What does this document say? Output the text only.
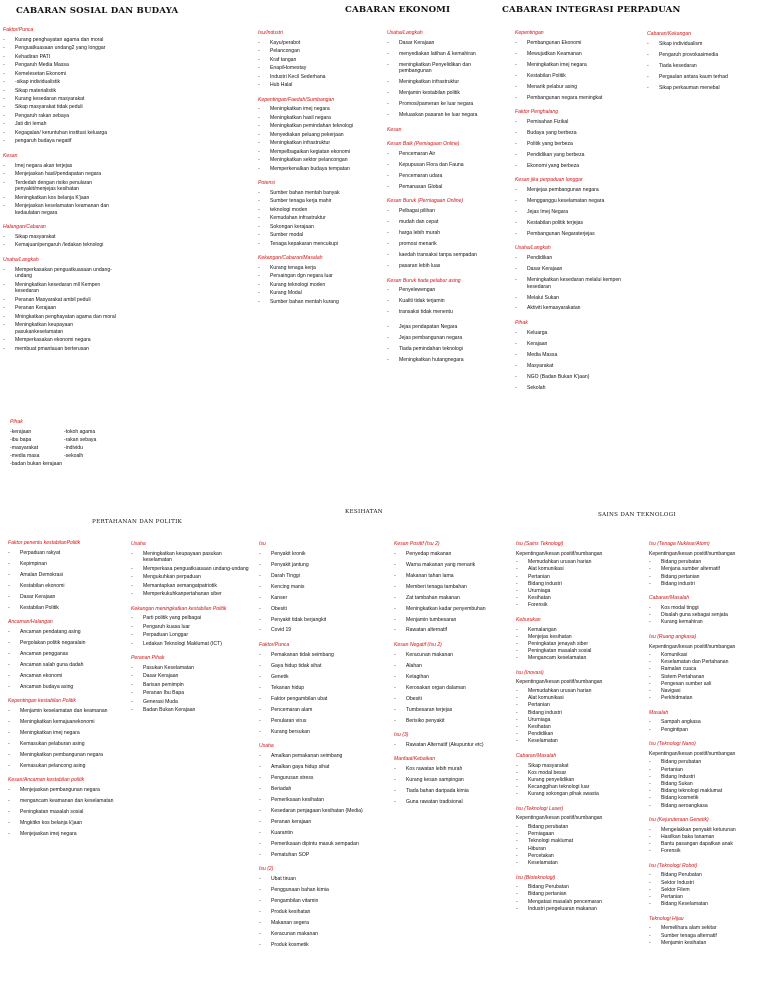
CABARAN SOSIAL DAN BUDAYA	CABARAN EKONOMI	CABARAN INTEGRASI PERPADUAN
KESIHATAN
PERTAHANAN DAN POLITIK
SAINS DAN TEKNOLOGI
Faktor/Punca
- Kurang penghayatan agama dan moral
- Penguatkuasaan undang2 yang longgar
- Kehadiran PATI
- Pengaruh Media Massa
- Kemelesetan Ekonomi
- -sikap individualistik
- Sikap materialistik
- Kurang kesedaran masyarakat
- Sikap masyarakat tidak peduli
- Pengaruh rakan sebaya
- Jati diri lemah
- Kegagalan/ keruntuhan institusi keluarga
- pengaruh budaya negatif
Kesan
- Imej negara akan terjejas
- Menjejaskan hasil/pendapatan negara
- Terdedah dengan risiko penularan penyakit/menjejas kesihatan
- Meningkatkan kos belanja K'jaan
- Menjejaskan keselamatan keamanan dan kedaulatan negara
Halangan/Cabaran
- Sikap masyarakat
- Kemajuan/pengaruh /ledakan teknologi
Usaha/Langkah
- Memperkasakan penguatkuasaan undang-undang
- Meningkatkan kesedaran mll Kempen kesedaran
- Peranan Masyarakat ambil peduli
- Peranan Kerajaan
- Mningkatkan penghayatan agama dan moral
- Meningkatkan keupayaan pasukankeselamatan
- Memperkasakan ekonomi negara
- membuat pmantauan berterusan
Isu/Industri
- Kayu/perabot
- Pelancongan
- Kraf tangan
- Enap/Homestay
- Industri Kecil Sederhana
- Hub Halal
Kepentingan/Faedah/Sumbangan
- Meningkatkan imej negara
- Meningkatkan hasil negara
- Meningkatkan pemindahan teknologi
- Menyediakan peluang pekerjaan
- Meningkatkan infrastruktur
- Mempelbagaikan kegiatan ekonomi
- Meningkatkan sektor pelancongan
- Memperkenalkan budaya tempatan
Potensi
- Sumber bahan mentah banyak
- Sumber tenaga kerja mahir
- teknologi moden
- Kemudahan infrastruktur
- Sokongan kerajaan
- Sumber modal
- Tenaga kepakaran mencukupi
Kekangan/Cabaran/Masalah
- Kurang tenaga kerja
- Persaingan dgn negara luar
- Kurang teknologi moden
- Kurang Modal
- Sumber bahan mentah kurang
Usaha/Langkah
- Dasar Kerajaan
- menyediakan latihan & kemahiran
- meningkatkan Penyelidikan dan pembangunan
- Meningkatkan infrastruktur
- Menjamin kestabilan politik
- Promosi/pameran ke luar negara
- Meluaskan pasaran ke luar negara
Kesan
Kesan Baik (Pemiagaan Online)
- Pencemaran Air
- Kepupusan Flora dan Fauna
- Pencemaran udara
- Pemanasan Global
Kesan Buruk (Perniagaan Online)
- Pelbagai pilihan
- mudah dan cepat
- harga lebih murah
- promosi menarik
- kaedah transaksi tanpa sempadan
- pasaran lebih luas
Kesan Buruk tiada pelabur asing
- Penyelewengan
- Kualiti tidak terjamin
- transaksi tidak menentu
- Jejas pendapatan Negara
- Jejas pembangunan negara
- Tiada pemindahan teknologi
- Meningkatkan hutangnegara
Kepentingan
- Pembangunan Ekonomi
- Mewujudkan Keamanan
- Meningkatkan imej negara
- Kestabilan Politik
- Menarik pelabur asing
- Pembangunan negara meningkat
Faktor Penghalang
- Pemisahan Fizikal
- Budaya yang berbeza
- Politik yang berbeza
- Pendidikan yang berbeza
- Ekonomi yang berbeza
Kesan jika perpaduan longgar
- Menjejas pembangunan negara
- Mengganggu keselamatan negara
- Jejas Imej Negara
- Kestabilan politik terjejas
- Pembangunan Negaraterjejas
Usaha/Langkah
- Pendidikan
- Dasar Kerajaan
- Meningkatkan kesedaran melalui kempen kesedaran
- Melalui Sukan
- Aktiviti kemasyarakatan
Pihak
- Keluarga
- Kerajaan
- Media Massa
- Masyarakat
- NGO (Badan Bukan K'jaan)
- Sekolah
Cabaran/Kekangan
- Sikap individualism
- Pengaruh provokasimedia
- Tiada kesedaran
- Pergaulan antara kaum terhad
- Sikap perkauman menebal
Pihak
-kerajaan	-tokoh agama
-ibu bapa	-rakan sebaya
-masyarakat	-individu
-media masa	-sekoalh
-badan bukan kerajaan
Faktor penentu kestabilanPolitik
- Perpaduan rakyat
- Kepimpinan
- Amalan Demokrasi
- Kestabilan ekonomi
- Dasar Kerajaan
- Kestabilan Politik
Ancaman/Halangan
- Ancaman pendatang asing
- Pergolakan politik negaralain
- Ancaman pengganas
- Ancaman salah guna dadah
- Ancaman ekonomi
- Ancaman budaya asing
Kepentingan kestabilan Politik
- Menjamin keselamatan dan keamanan
- Meningkatkan kemajuanekonomi
- Meningkatkan imej negara
- Kemasukan pelaburan asing
- Meningkatkan pembangunan negara
- Kemasukan pelancong asing
Kesan/Ancaman kestabilan politik
- Menjejaskan pembangunan negara
- mengancam keamanan dan keselamatan
- Peningkatan masalah sosial
- Mngkitkn kos belanja k'jaan
- Menjejaskan imej negara
Usaha
- Meningkatkan keupayaan pasukan keselamatan
- Memperkasa penguatkuasaan undang-undang
- Mengukuhkan perpaduan
- Memantapkan semangatpatriotik
- Memperkukuhkanpertahanan siber
Kekangan meningkatkan kestabilan Politik
- Parti politik yang pelbagai
- Pengaruh kuasa luar
- Perpaduan Longgar
- Ledakan Teknologi Maklumat (ICT)
Peranan Pihak
- Pasukan Keselamatan
- Dasar Kerajaan
- Barisan pemimpin
- Peranan Ibu Bapa
- Generasi Muda
- Badan Bukan Kerajaan
Isu
- Penyakit kronik
- Penyakit jantung
- Darah Tinggi
- Kencing manis
- Kanser
- Obesiti
- Penyakit tidak berjangkit
- Covid 19
Faktor/Punca
- Pemakanan tidak seimbang
- Gaya hidup tidak sihat
- Genetik
- Tekanan hidup
- Faktor pengambilan ubat
- Pencemaran alam
- Penularan virus
- Kurang bersukan
Usaha
- Amalkan pemakanan seimbang
- Amalkan gaya hidup sihat
- Pengurusan stress
- Beriadah
- Pemeriksaan kesihatan
- Kesedaran penjagaan kesihatan (Media)
- Peranan kerajaan
- Kuarantin
- Pemeriksaan dipintu masuk sempadan
- Pematuhan SOP
Isu (2)
- Ubat tiruan
- Penggunaan bahan kimia
- Pengambilan vitamin
- Produk kesihatan
- Makanan segera
- Keracunan makanan
- Produk kosmetik
Kesan Positif (Isu 2)
- Penyedap makanan
- Warna makanan yang menarik
- Makanan tahan lama
- Memberi tenaga tambahan
- Zat tambahan makanan
- Meningkatkan kadar penyembuhan
- Menjamin tumbesaran
- Rawatan alternatif
Kesan Negatif (Isu 2)
- Keracunan makanan
- Alahan
- Ketagihan
- Kerosakan organ dalaman
- Obesiti
- Tumbesaran terjejas
- Berisiko penyakit
Isu (3)
- Rawatan Alternatif (Akupuntur etc)
Manfaat/Kebaikan
- Kos rawatan lebih murah
- Kurang kesan sampingan
- Tiada bahan daripada kimia
- Guna rawatan tradisional
Isu (Sains Teknologi)
Kepentingan/kesan positif/sumbangan
- Memudahkan urusan harian
- Alat komunikasi
- Pertanian
- Bidang industri
- Ururniaga
- Kesihatan
- Forensik
Keburukan
- Kemalangan
- Menjejas kesihatan
- Peningkatan jenayah siber
- Peningkatan masalah sosial
- Mengancam keselamatan
Isu (Inovasi)
Kepentingan/kesan positif/sumbangan
- Memudahkan urusan harian
- Alat komunikasi
- Pertanian
- Bidang industri
- Ururniaga
- Kesihatan
- Pendidikan
- Keselamatan
Cabaran/Masalah
- Sikap masyarakat
- Kos modal besar
- Kurang penyelidikan
- Kecanggihan teknologi luar
- Kurang sokongan pihak swasta
Isu (Teknologi Laser)
Kepentingan/kesan positif/sumbangan
- Bidang perubatan
- Perniagaan
- Teknologi maklumat
- Hiburan
- Percetakan
- Keselamatan
Isu (Bioteknologi)
- Bidang Perubatan
- Bidang pertanian
- Mengatasi masalah pencemaran
- Industri pengeluaran makanan
Isu (Tenaga Nuklear/Atom)
Kepentingan/kesan positif/sumbangan
- Bidang perubatan
- Menjana sumber alternatif
- Bidang pertanian
- Bidang industri
Cabaran/Masalah
- Kos modal tinggi
- Disalah guna sebagai senjata
- Kurang kemahiran
Isu (Ruang angkasa)
Kepentingan/kesan positif/sumbangan
- Komunikasi
- Keselamatan dan Pertahanan
- Ramalan cuaca
- Sistem Pertahanan
- Pengesan sumber asli
- Navigasi
- Perkhidmatan
Masalah
- Sampah angkasa
- Pengintipan
Isu (Teknologi Nano)
Kepentingan/kesan positif/sumbangan
- Bidang perubatan
- Pertanian
- Bidang Industri
- Bidang Sukan
- Bidang teknologi maklumat
- Bidang kosmetik
- Bidang aeroangkasa
Isu (Kejuruteraan Genetik)
- Mengelakkan penyakit keturunan
- Hasilkan baka tanaman
- Bantu pasangan dapatkan anak
- Forensik
Isu (Teknologi Robot)
- Bidang Perubatan
- Sektor Industri
- Sektor Filem
- Pertanian
- Bidang Keselamatan
Teknologi Hijau
- Memelihara alam sekitar
- Sumber tenaga alternatif
- Menjamin kesihatan
